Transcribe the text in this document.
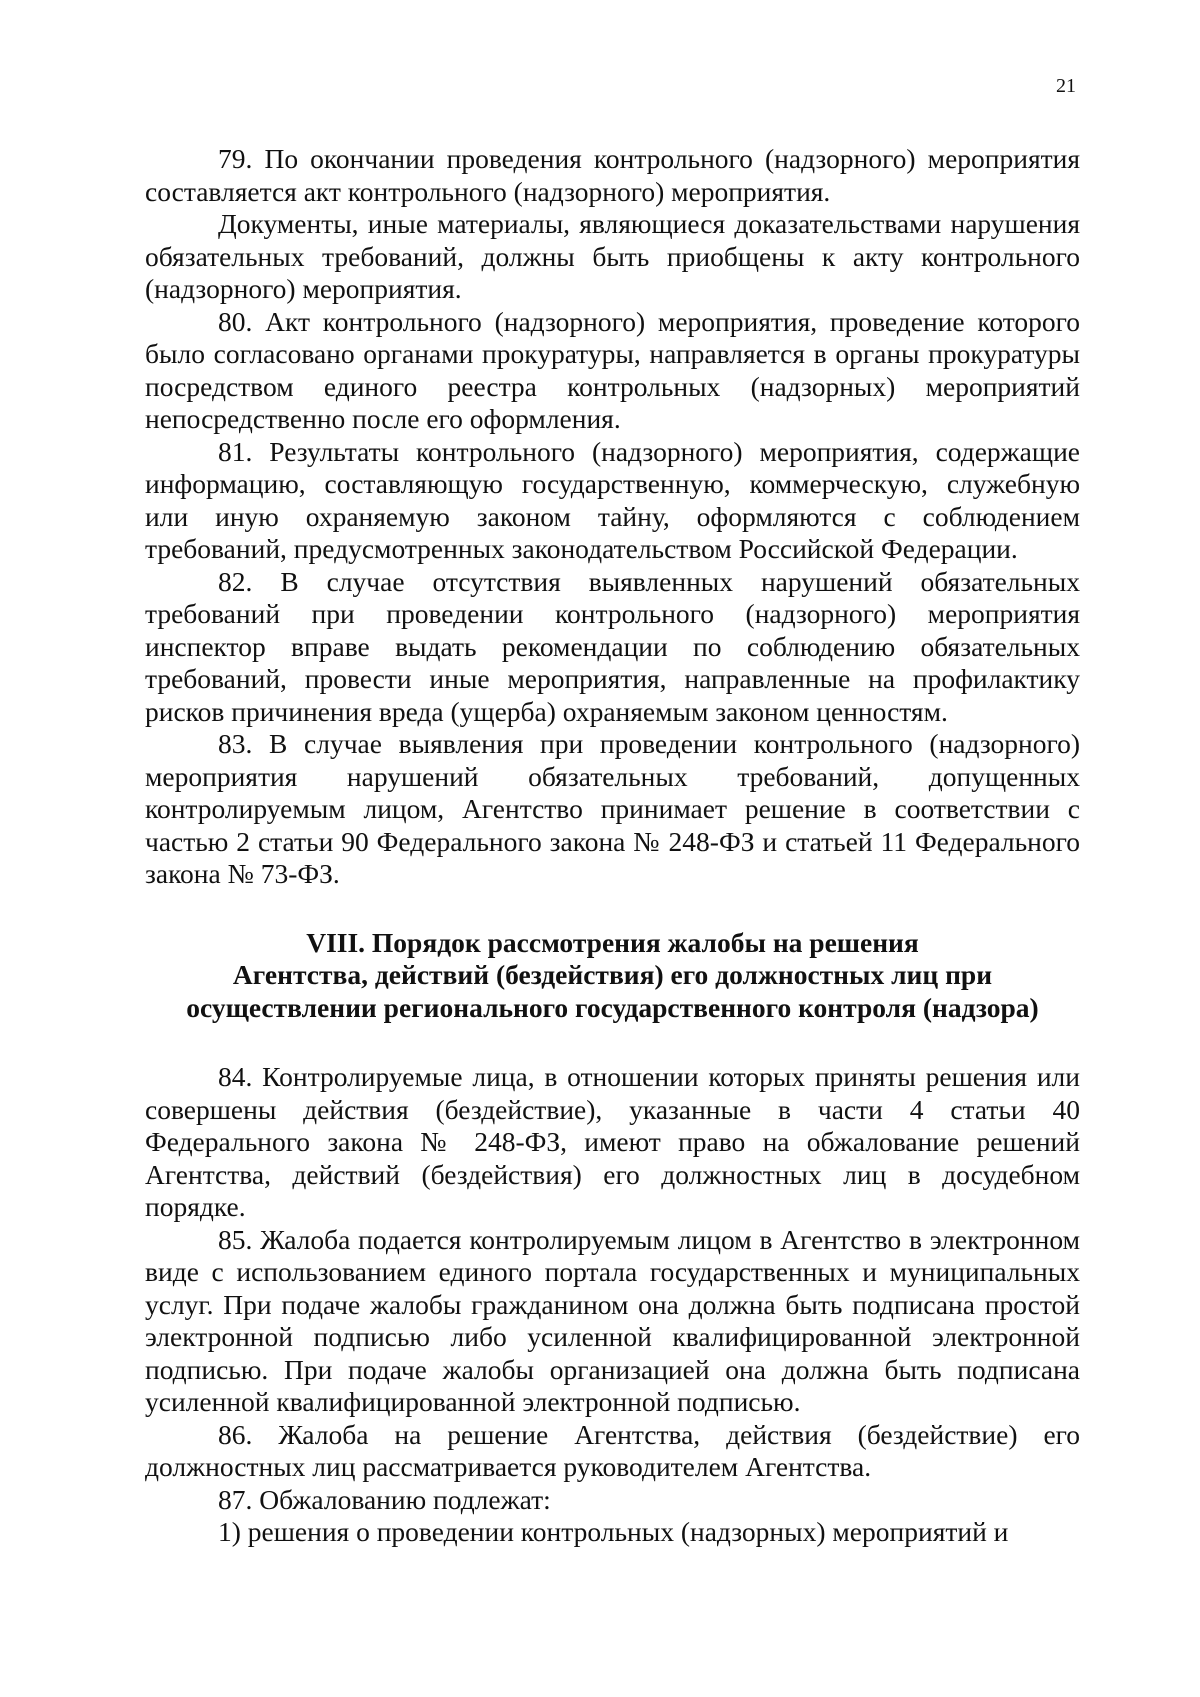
21

79. По окончании проведения контрольного (надзорного) мероприятия составляется акт контрольного (надзорного) мероприятия.

Документы, иные материалы, являющиеся доказательствами нарушения обязательных требований, должны быть приобщены к акту контрольного (надзорного) мероприятия.

80. Акт контрольного (надзорного) мероприятия, проведение которого было согласовано органами прокуратуры, направляется в органы прокуратуры посредством единого реестра контрольных (надзорных) мероприятий непосредственно после его оформления.

81. Результаты контрольного (надзорного) мероприятия, содержащие информацию, составляющую государственную, коммерческую, служебную или иную охраняемую законом тайну, оформляются с соблюдением требований, предусмотренных законодательством Российской Федерации.

82. В случае отсутствия выявленных нарушений обязательных требований при проведении контрольного (надзорного) мероприятия инспектор вправе выдать рекомендации по соблюдению обязательных требований, провести иные мероприятия, направленные на профилактику рисков причинения вреда (ущерба) охраняемым законом ценностям.

83. В случае выявления при проведении контрольного (надзорного) мероприятия нарушений обязательных требований, допущенных контролируемым лицом, Агентство принимает решение в соответствии с частью 2 статьи 90 Федерального закона № 248-ФЗ и статьей 11 Федерального закона № 73-ФЗ.

VIII. Порядок рассмотрения жалобы на решения
Агентства, действий (бездействия) его должностных лиц при
осуществлении регионального государственного контроля (надзора)

84. Контролируемые лица, в отношении которых приняты решения или совершены действия (бездействие), указанные в части 4 статьи 40 Федерального закона № 248-ФЗ, имеют право на обжалование решений Агентства, действий (бездействия) его должностных лиц в досудебном порядке.

85. Жалоба подается контролируемым лицом в Агентство в электронном виде с использованием единого портала государственных и муниципальных услуг. При подаче жалобы гражданином она должна быть подписана простой электронной подписью либо усиленной квалифицированной электронной подписью. При подаче жалобы организацией она должна быть подписана усиленной квалифицированной электронной подписью.

86. Жалоба на решение Агентства, действия (бездействие) его должностных лиц рассматривается руководителем Агентства.

87. Обжалованию подлежат:

1) решения о проведении контрольных (надзорных) мероприятий и
